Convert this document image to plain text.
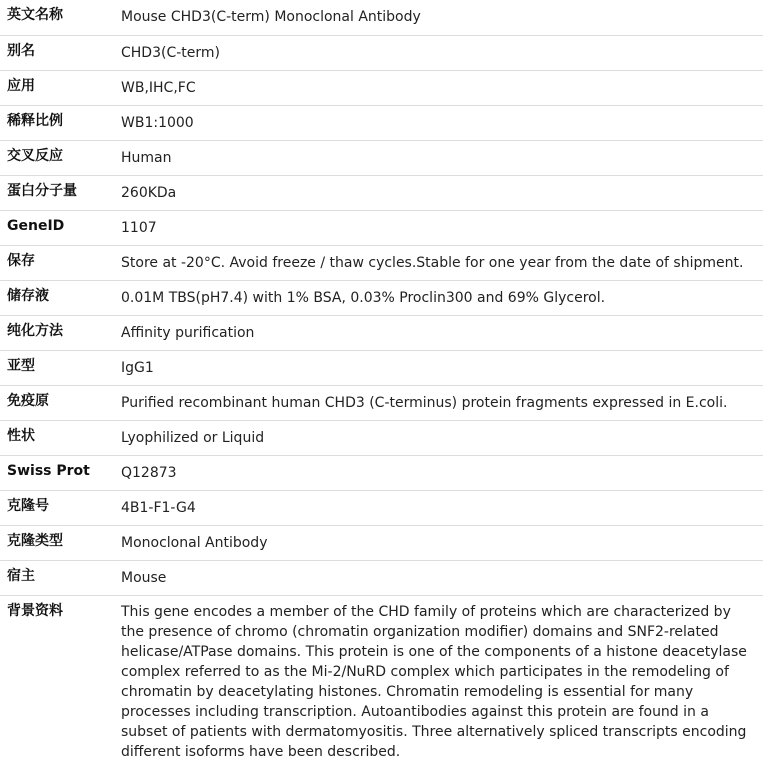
英文名称	Mouse CHD3(C-term) Monoclonal Antibody
别名	CHD3(C-term)
应用	WB,IHC,FC
稀释比例	WB1:1000
交叉反应	Human
蛋白分子量	260KDa
GeneID	1107
保存	Store at -20°C. Avoid freeze / thaw cycles.Stable for one year from the date of shipment.
储存液	0.01M TBS(pH7.4) with 1% BSA, 0.03% Proclin300 and 69% Glycerol.
纯化方法	Affinity purification
亚型	IgG1
免疫原	Purified recombinant human CHD3 (C-terminus) protein fragments expressed in E.coli.
性状	Lyophilized or Liquid
Swiss Prot	Q12873
克隆号	4B1-F1-G4
克隆类型	Monoclonal Antibody
宿主	Mouse
背景资料	This gene encodes a member of the CHD family of proteins which are characterized by the presence of chromo (chromatin organization modifier) domains and SNF2-related helicase/ATPase domains. This protein is one of the components of a histone deacetylase complex referred to as the Mi-2/NuRD complex which participates in the remodeling of chromatin by deacetylating histones. Chromatin remodeling is essential for many processes including transcription. Autoantibodies against this protein are found in a subset of patients with dermatomyositis. Three alternatively spliced transcripts encoding different isoforms have been described.
